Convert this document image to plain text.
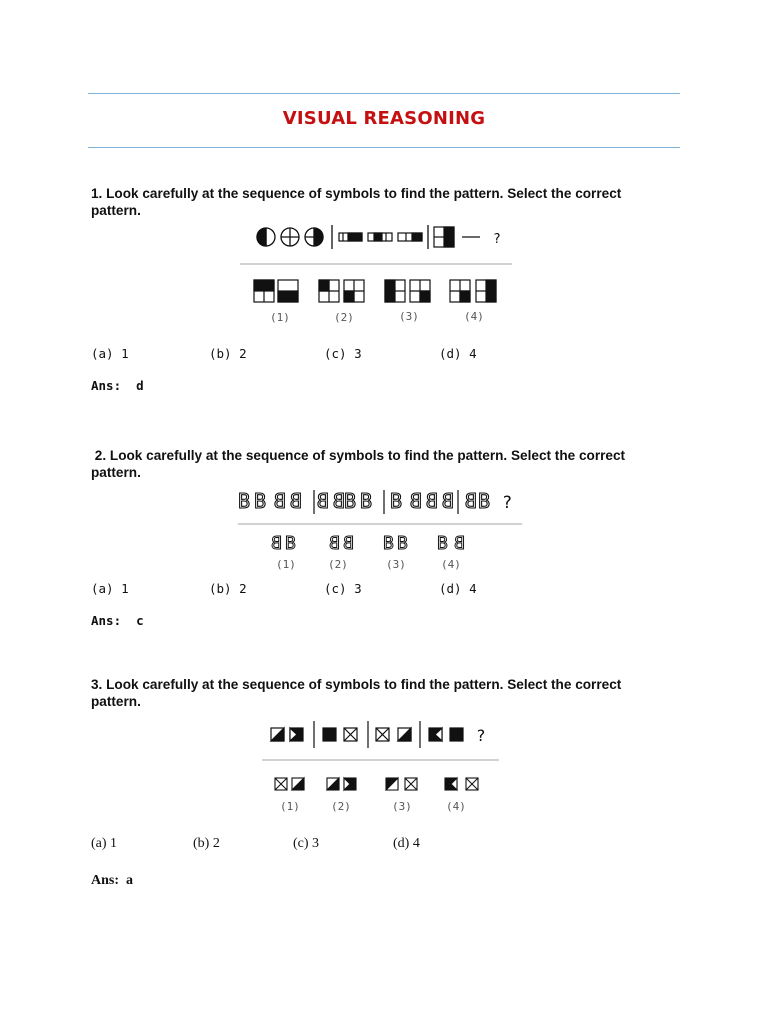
VISUAL REASONING
1. Look carefully at the sequence of symbols to find the pattern. Select the correct pattern.
?
(1)	(2)	(3)	(4)
(a) 1	(b) 2	(c) 3	(d) 4
Ans:  d
2. Look carefully at the sequence of symbols to find the pattern. Select the correct pattern.
B B B B B B B B B B B B B B ?
B B B B B B B B
(1)	(2)	(3)	(4)
(a) 1	(b) 2	(c) 3	(d) 4
Ans:  c
3. Look carefully at the sequence of symbols to find the pattern. Select the correct pattern.
?
(1)	(2)	(3)	(4)
(a) 1	(b) 2	(c) 3	(d) 4
Ans:  a
